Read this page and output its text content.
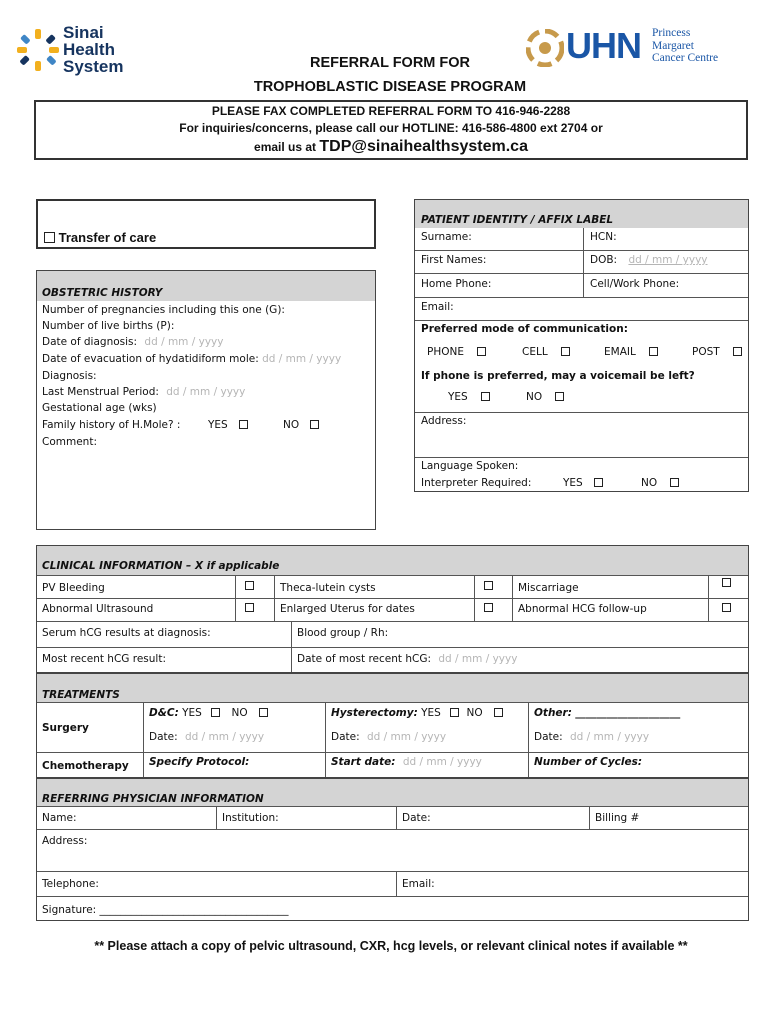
Sinai
Health
System
UHN Princess
Margaret
Cancer Centre
REFERRAL FORM FOR
TROPHOBLASTIC DISEASE PROGRAM
PLEASE FAX COMPLETED REFERRAL FORM TO 416-946-2288
For inquiries/concerns, please call our HOTLINE: 416-586-4800 ext 2704 or
email us at TDP@sinaihealthsystem.ca
Transfer of care
OBSTETRIC HISTORY
Number of pregnancies including this one (G):
Number of live births (P):
Date of diagnosis: dd / mm / yyyy
Date of evacuation of hydatidiform mole: dd / mm / yyyy
Diagnosis:
Last Menstrual Period: dd / mm / yyyy
Gestational age (wks)
Family history of H.Mole? :	YES	NO
Comment:
PATIENT IDENTITY / AFFIX LABEL
Surname:	HCN:
First Names:	DOB: dd / mm / yyyy
Home Phone:	Cell/Work Phone:
Email:
Preferred mode of communication:
PHONE	CELL	EMAIL	POST
If phone is preferred, may a voicemail be left?
YES	NO
Address:
Language Spoken:
Interpreter Required:	YES	NO
CLINICAL INFORMATION – X if applicable
PV Bleeding	Theca-lutein cysts	Miscarriage
Abnormal Ultrasound	Enlarged Uterus for dates	Abnormal HCG follow-up
Serum hCG results at diagnosis:	Blood group / Rh:
Most recent hCG result:	Date of most recent hCG: dd / mm / yyyy
TREATMENTS
Surgery
D&C: YES	NO	Hysterectomy: YES NO	Other: ____________________
Date: dd / mm / yyyy	Date: dd / mm / yyyy	Date: dd / mm / yyyy
Chemotherapy Specify Protocol:	Start date: dd / mm / yyyy	Number of Cycles:
REFERRING PHYSICIAN INFORMATION
Name:	Institution:	Date:	Billing #
Address:
Telephone:	Email:
Signature: ____________________________________
** Please attach a copy of pelvic ultrasound, CXR, hcg levels, or relevant clinical notes if available **
